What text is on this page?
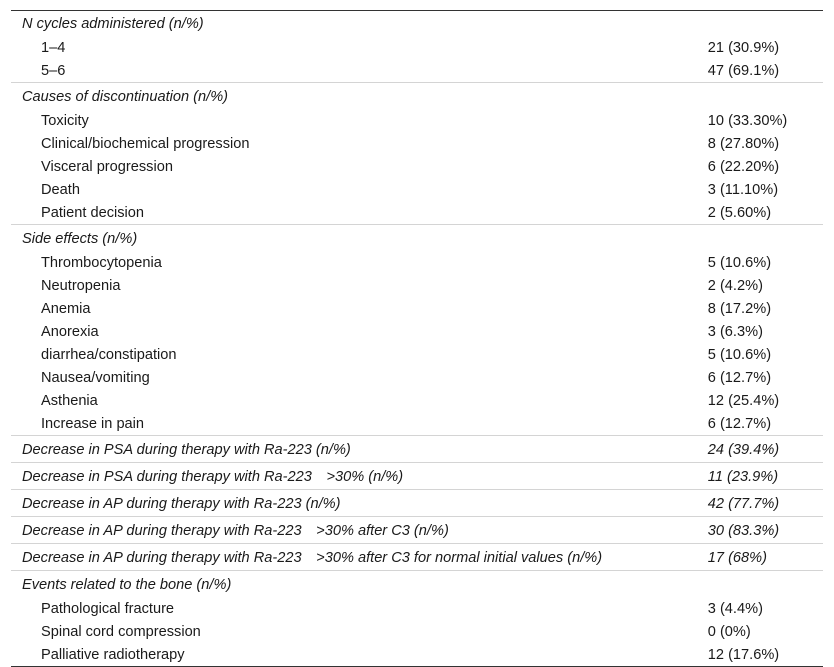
N cycles administered (n/%)	
1–4	21 (30.9%)
5–6	47 (69.1%)
Causes of discontinuation (n/%)	
Toxicity	10 (33.30%)
Clinical/biochemical progression	8 (27.80%)
Visceral progression	6 (22.20%)
Death	3 (11.10%)
Patient decision	2 (5.60%)
Side effects (n/%)	
Thrombocytopenia	5 (10.6%)
Neutropenia	2 (4.2%)
Anemia	8 (17.2%)
Anorexia	3 (6.3%)
diarrhea/constipation	5 (10.6%)
Nausea/vomiting	6 (12.7%)
Asthenia	12 (25.4%)
Increase in pain	6 (12.7%)
Decrease in PSA during therapy with Ra-223 (n/%)	24 (39.4%)
Decrease in PSA during therapy with Ra-223 >30% (n/%)	11 (23.9%)
Decrease in AP during therapy with Ra-223 (n/%)	42 (77.7%)
Decrease in AP during therapy with Ra-223 >30% after C3 (n/%)	30 (83.3%)
Decrease in AP during therapy with Ra-223 >30% after C3 for normal initial values (n/%)	17 (68%)
Events related to the bone (n/%)	
Pathological fracture	3 (4.4%)
Spinal cord compression	0 (0%)
Palliative radiotherapy	12 (17.6%)
